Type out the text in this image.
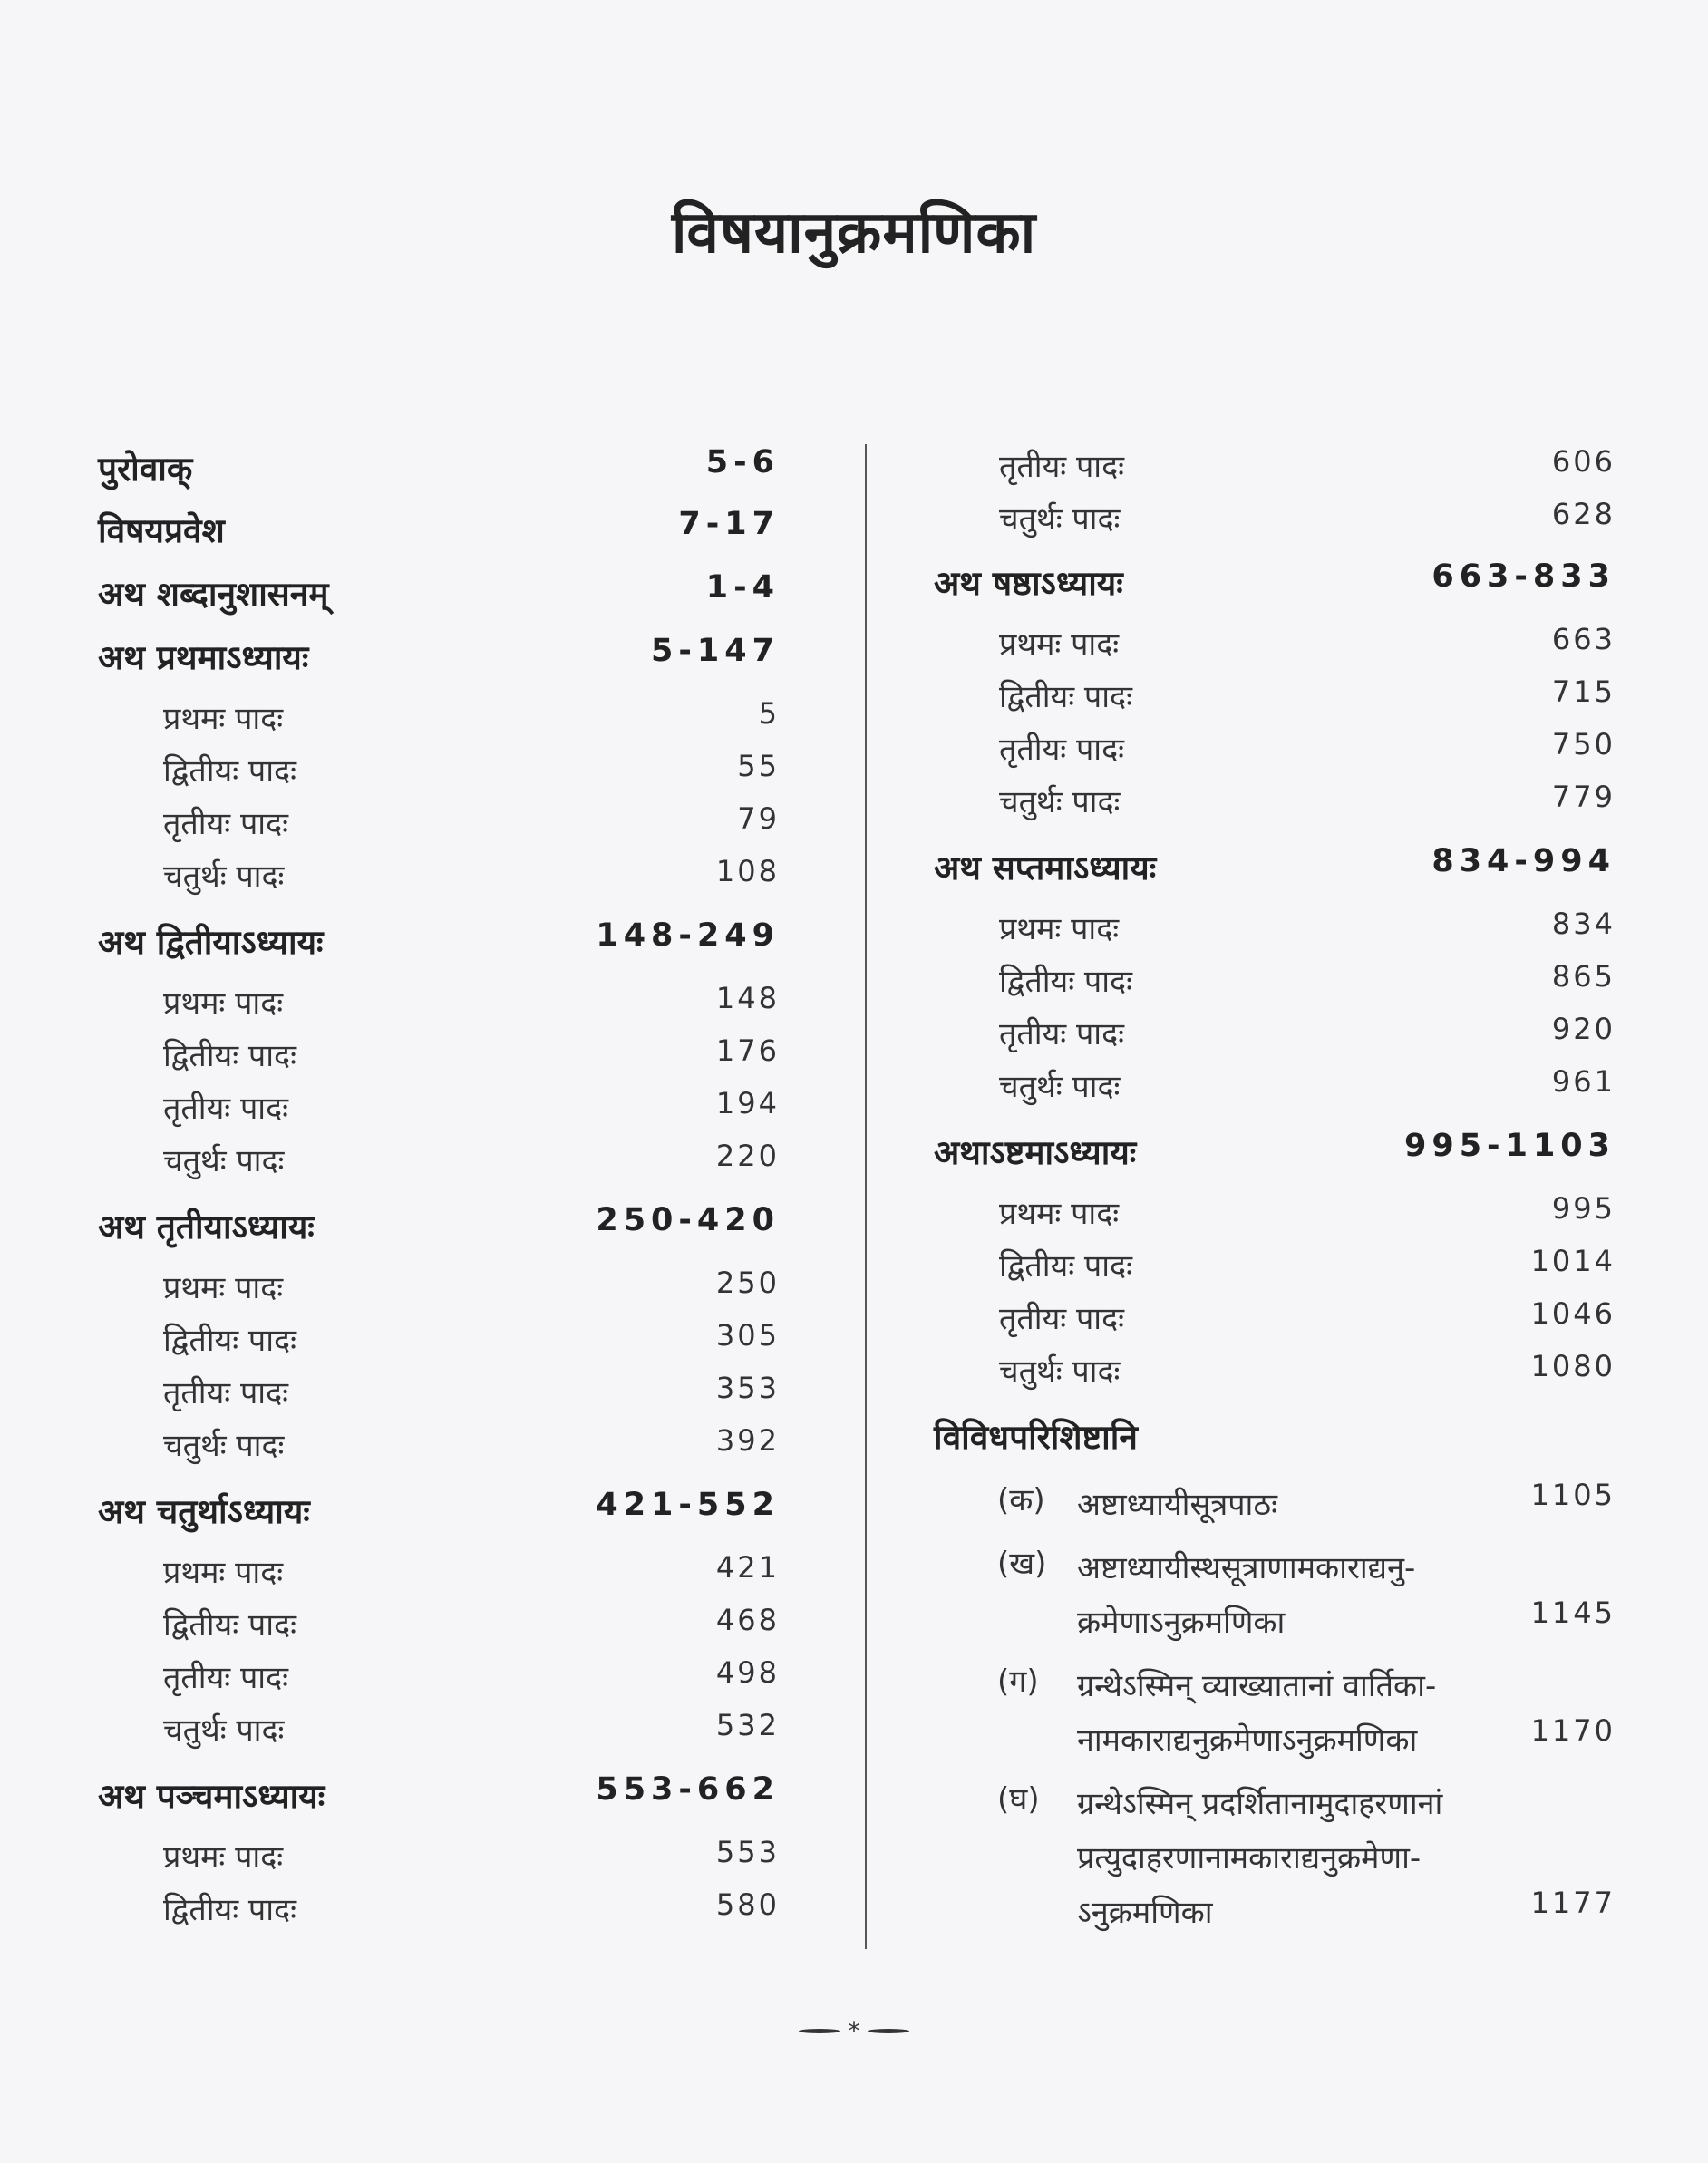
विषयानुक्रमणिका
पुरोवाक्	5-6
विषयप्रवेश	7-17
अथ शब्दानुशासनम्	1-4
अथ प्रथमाऽध्यायः	5-147
प्रथमः पादः	5
द्वितीयः पादः	55
तृतीयः पादः	79
चतुर्थः पादः	108
अथ द्वितीयाऽध्यायः	148-249
प्रथमः पादः	148
द्वितीयः पादः	176
तृतीयः पादः	194
चतुर्थः पादः	220
अथ तृतीयाऽध्यायः	250-420
प्रथमः पादः	250
द्वितीयः पादः	305
तृतीयः पादः	353
चतुर्थः पादः	392
अथ चतुर्थाऽध्यायः	421-552
प्रथमः पादः	421
द्वितीयः पादः	468
तृतीयः पादः	498
चतुर्थः पादः	532
अथ पञ्चमाऽध्यायः	553-662
प्रथमः पादः	553
द्वितीयः पादः	580
तृतीयः पादः	606
चतुर्थः पादः	628
अथ षष्ठाऽध्यायः	663-833
प्रथमः पादः	663
द्वितीयः पादः	715
तृतीयः पादः	750
चतुर्थः पादः	779
अथ सप्तमाऽध्यायः	834-994
प्रथमः पादः	834
द्वितीयः पादः	865
तृतीयः पादः	920
चतुर्थः पादः	961
अथाऽष्टमाऽध्यायः	995-1103
प्रथमः पादः	995
द्वितीयः पादः	1014
तृतीयः पादः	1046
चतुर्थः पादः	1080
विविधपरिशिष्टानि
(क) अष्टाध्यायीसूत्रपाठः	1105
(ख) अष्टाध्यायीस्थसूत्राणामकाराद्यनु-
क्रमेणाऽनुक्रमणिका	1145
(ग) ग्रन्थेऽस्मिन् व्याख्यातानां वार्तिका-
नामकाराद्यनुक्रमेणाऽनुक्रमणिका	1170
(घ) ग्रन्थेऽस्मिन् प्रदर्शितानामुदाहरणानां
प्रत्युदाहरणानामकाराद्यनुक्रमेणा-
ऽनुक्रमणिका	1177
*
